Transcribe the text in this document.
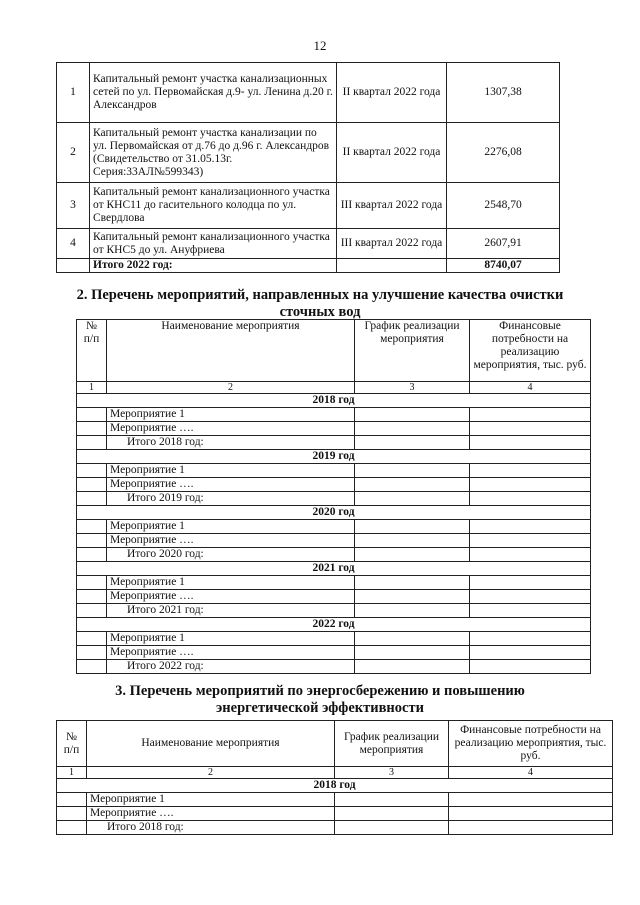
12
1	Капитальный ремонт участка канализационных сетей по ул. Первомайская д.9- ул. Ленина д.20 г. Александров	II квартал 2022 года	1307,38
2	Капитальный ремонт участка канализации по ул. Первомайская от д.76 до д.96 г. Александров (Свидетельство от 31.05.13г. Серия:33АЛ№599343)	II квартал 2022 года	2276,08
3	Капитальный ремонт канализационного участка от КНС11 до гасительного колодца по ул. Свердлова	III квартал 2022 года	2548,70
4	Капитальный ремонт канализационного участка от КНС5 до ул. Ануфриева	III квартал 2022 года	2607,91
	Итого 2022 год:		8740,07
2. Перечень мероприятий, направленных на улучшение качества очистки
сточных вод
№ п/п	Наименование мероприятия	График реализации мероприятия	Финансовые потребности на реализацию мероприятия, тыс. руб.
1	2	3	4
2018 год			
	Мероприятие 1		
	Мероприятие ….		
	Итого 2018 год:		
2019 год			
	Мероприятие 1		
	Мероприятие ….		
	Итого 2019 год:		
2020 год			
	Мероприятие 1		
	Мероприятие ….		
	Итого 2020 год:		
2021 год			
	Мероприятие 1		
	Мероприятие ….		
	Итого 2021 год:		
2022 год			
	Мероприятие 1		
	Мероприятие ….		
	Итого 2022 год:		
3. Перечень мероприятий по энергосбережению и повышению
энергетической эффективности
№ п/п	Наименование мероприятия	График реализации мероприятия	Финансовые потребности на реализацию мероприятия, тыс. руб.
1	2	3	4
2018 год			
	Мероприятие 1		
	Мероприятие ….		
	Итого 2018 год:		
